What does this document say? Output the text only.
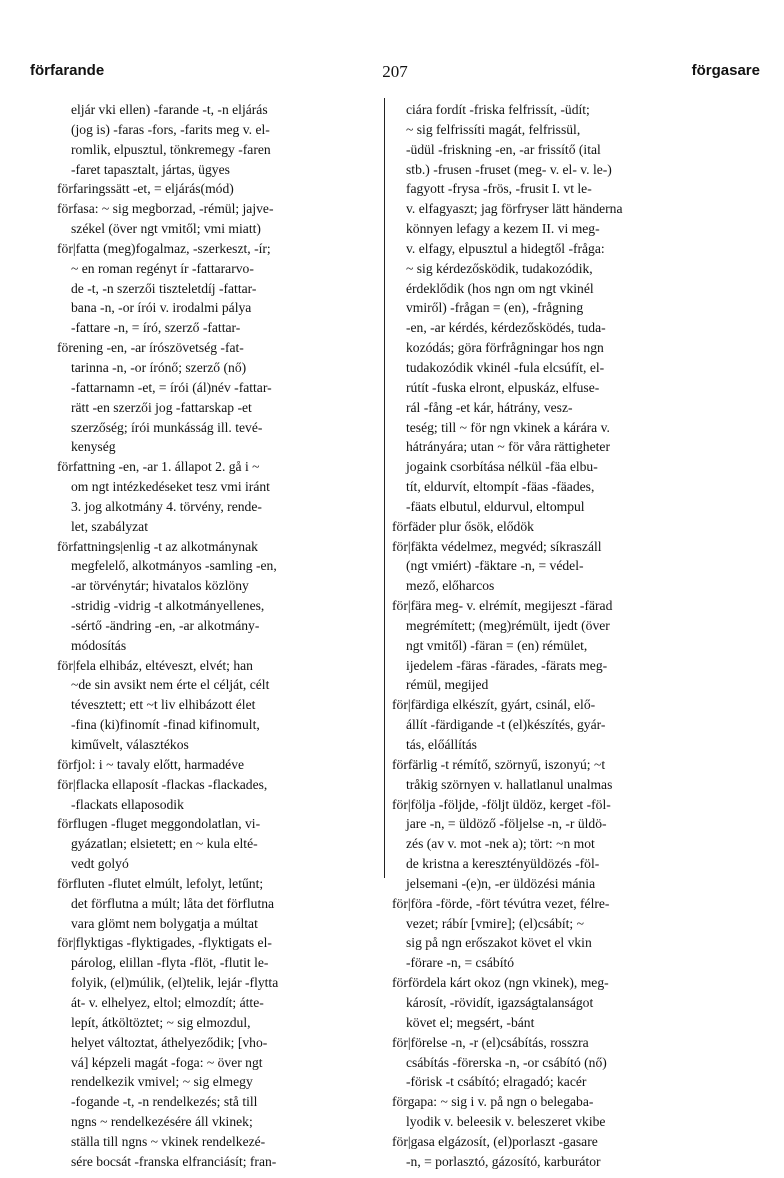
förfarande	207	förgasare
eljár vki ellen) -farande -t, -n eljárás
(jog is) -faras -fors, -farits meg v. el-
romlik, elpusztul, tönkremegy -faren
-faret tapasztalt, jártas, ügyes
förfaringssätt -et, = eljárás(mód)
förfasa: ~ sig megborzad, -rémül; jajve-
székel (över ngt vmitől; vmi miatt)
för|fatta (meg)fogalmaz, -szerkeszt, -ír;
~ en roman regényt ír -fattararvo-
de -t, -n szerzői tiszteletdíj -fattar-
bana -n, -or írói v. irodalmi pálya
-fattare -n, = író, szerző -fattar-
förening -en, -ar írószövetség -fat-
tarinna -n, -or írónő; szerző (nő)
-fattarnamn -et, = írói (ál)név -fattar-
rätt -en szerzői jog -fattarskap -et
szerzőség; írói munkásság ill. tevé-
kenység
författning -en, -ar 1. állapot 2. gå i ~
om ngt intézkedéseket tesz vmi iránt
3. jog alkotmány 4. törvény, rende-
let, szabályzat
författnings|enlig -t az alkotmánynak
megfelelő, alkotmányos -samling -en,
-ar törvénytár; hivatalos közlöny
-stridig -vidrig -t alkotmányellenes,
-sértő -ändring -en, -ar alkotmány-
módosítás
för|fela elhibáz, eltéveszt, elvét; han
~de sin avsikt nem érte el célját, célt
tévesztett; ett ~t liv elhibázott élet
-fina (ki)finomít -finad kifinomult,
kiművelt, választékos
förfjol: i ~ tavaly előtt, harmadéve
för|flacka ellaposít -flackas -flackades,
-flackats ellaposodik
förflugen -fluget meggondolatlan, vi-
gyázatlan; elsietett; en ~ kula elté-
vedt golyó
förfluten -flutet elmúlt, lefolyt, letűnt;
det förflutna a múlt; låta det förflutna
vara glömt nem bolygatja a múltat
för|flyktigas -flyktigades, -flyktigats el-
párolog, elillan -flyta -flöt, -flutit le-
folyik, (el)múlik, (el)telik, lejár -flytta
át- v. elhelyez, eltol; elmozdít; átte-
lepít, átköltöztet; ~ sig elmozdul,
helyet változtat, áthelyeződik; [vho-
vá] képzeli magát -foga: ~ över ngt
rendelkezik vmivel; ~ sig elmegy
-fogande -t, -n rendelkezés; stå till
ngns ~ rendelkezésére áll vkinek;
ställa till ngns ~ vkinek rendelkezé-
sére bocsát -franska elfranciásít; fran-
ciára fordít -friska felfrissít, -üdít;
~ sig felfrissíti magát, felfrissül,
-üdül -friskning -en, -ar frissítő (ital
stb.) -frusen -fruset (meg- v. el- v. le-)
fagyott -frysa -frös, -frusit I. vt le-
v. elfagyaszt; jag förfryser lätt händerna
könnyen lefagy a kezem II. vi meg-
v. elfagy, elpusztul a hidegtől -fråga:
~ sig kérdezősködik, tudakozódik,
érdeklődik (hos ngn om ngt vkinél
vmiről) -frågan = (en), -frågning
-en, -ar kérdés, kérdezősködés, tuda-
kozódás; göra förfrågningar hos ngn
tudakozódik vkinél -fula elcsúfít, el-
rútít -fuska elront, elpuskáz, elfuse-
rál -fång -et kár, hátrány, vesz-
teség; till ~ för ngn vkinek a kárára v.
hátrányára; utan ~ för våra rättigheter
jogaink csorbítása nélkül -fäa elbu-
tít, eldurvít, eltompít -fäas -fäades,
-fäats elbutul, eldurvul, eltompul
förfäder plur ősök, elődök
för|fäkta védelmez, megvéd; síkraszáll
(ngt vmiért) -fäktare -n, = védel-
mező, előharcos
för|fära meg- v. elrémít, megijeszt -färad
megrémített; (meg)rémült, ijedt (över
ngt vmitől) -färan = (en) rémület,
ijedelem -färas -färades, -färats meg-
rémül, megijed
för|färdiga elkészít, gyárt, csinál, elő-
állít -färdigande -t (el)készítés, gyár-
tás, előállítás
förfärlig -t rémítő, szörnyű, iszonyú; ~t
tråkig szörnyen v. hallatlanul unalmas
för|följa -följde, -följt üldöz, kerget -föl-
jare -n, = üldöző -följelse -n, -r üldö-
zés (av v. mot -nek a); tört: ~n mot
de kristna a keresztényüldözés -föl-
jelsemani -(e)n, -er üldözési mánia
för|föra -förde, -fört tévútra vezet, félre-
vezet; rábír [vmire]; (el)csábít; ~
sig på ngn erőszakot követ el vkin
-förare -n, = csábító
förfördela kárt okoz (ngn vkinek), meg-
károsít, -rövidít, igazságtalanságot
követ el; megsért, -bánt
för|förelse -n, -r (el)csábítás, rosszra
csábítás -förerska -n, -or csábító (nő)
-förisk -t csábító; elragadó; kacér
förgapa: ~ sig i v. på ngn o belegaba-
lyodik v. beleesik v. beleszeret vkibe
för|gasa elgázosít, (el)porlaszt -gasare
-n, = porlasztó, gázosító, karburátor
